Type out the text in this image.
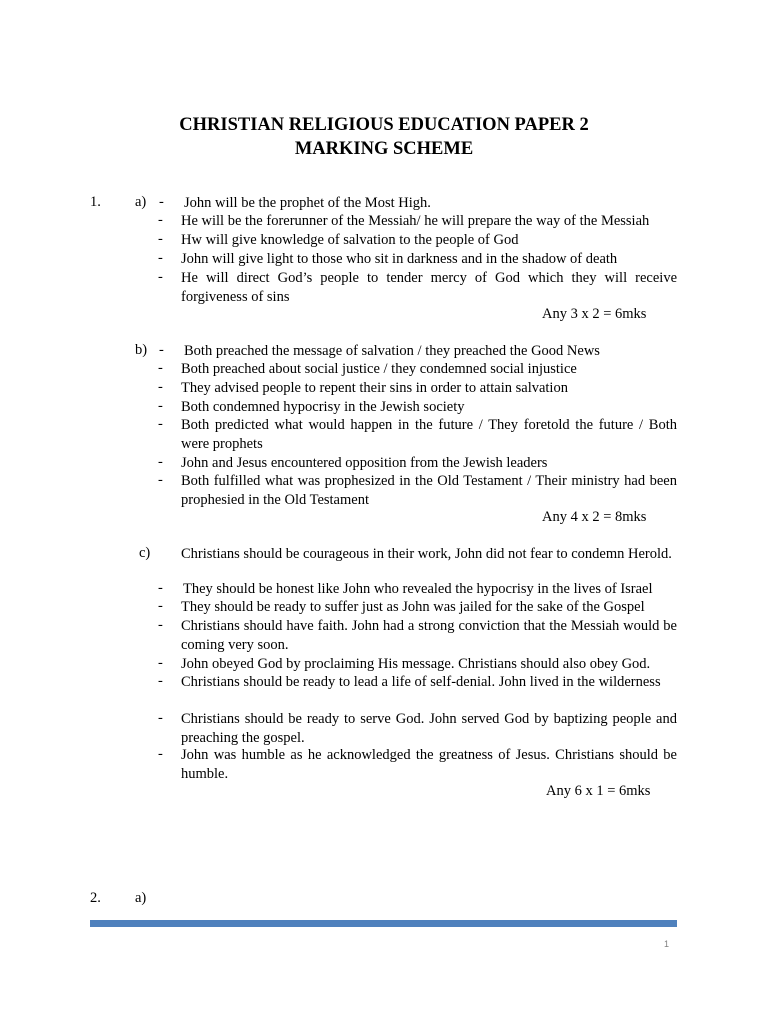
CHRISTIAN RELIGIOUS EDUCATION PAPER 2
MARKING SCHEME
1. a) -	John will be the prophet of the Most High.
-	He will be the forerunner of the Messiah/ he will prepare the way of the Messiah
-	Hw will give knowledge of salvation to the people of God
-	John will give light to those who sit in darkness and in the shadow of death
-	He will direct God’s people to tender mercy of God which they will receive forgiveness of sins
Any 3 x 2 = 6mks
b) -	Both preached the message of salvation / they preached the Good News
-	Both preached about social justice / they condemned social injustice
-	They advised people to repent their sins in order to attain salvation
-	Both condemned hypocrisy in the Jewish society
-	Both predicted what would happen in the future / They foretold the future / Both were prophets
-	John and Jesus encountered opposition from the Jewish leaders
-	Both fulfilled what was prophesized in the Old Testament / Their ministry had been prophesied in the Old Testament
Any 4 x 2 = 8mks
c) Christians should be courageous in their work, John did not fear to condemn Herold.
-	They should be honest like John who revealed the hypocrisy in the lives of Israel
-	They should be ready to suffer just as John was jailed for the sake of the Gospel
-	Christians should have faith. John had a strong conviction that the Messiah would be coming very soon.
-	John obeyed God by proclaiming His message. Christians should also obey God.
-	Christians should be ready to lead a life of self-denial. John lived in the wilderness
-	Christians should be ready to serve God. John served God by baptizing people and preaching the gospel.
-	John was humble as he acknowledged the greatness of Jesus. Christians should be humble.
Any 6 x 1 = 6mks
2. a)
1
